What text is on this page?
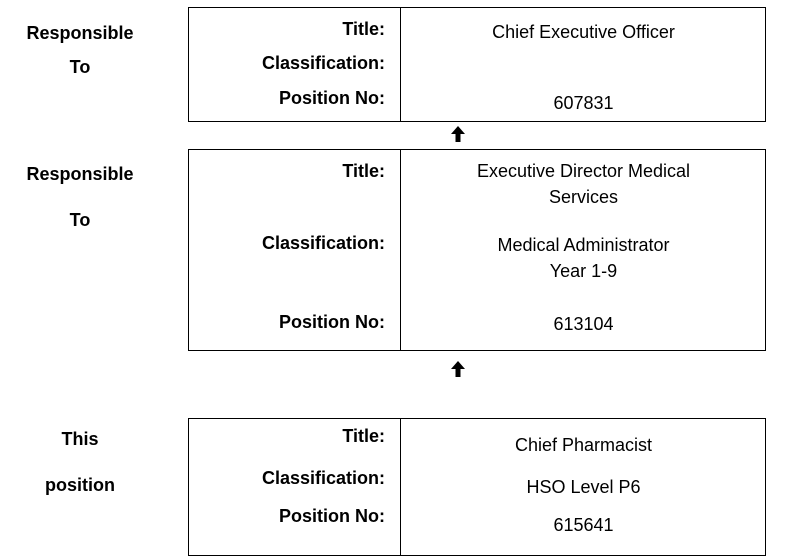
Responsible
To
Title:	Chief Executive Officer
Classification:
Position No:	607831
Responsible
To
Title:	Executive Director Medical
Services
Classification:	Medical Administrator
Year 1-9
Position No:	613104
This
position
Title:	Chief Pharmacist
Classification:	HSO Level P6
Position No:	615641
